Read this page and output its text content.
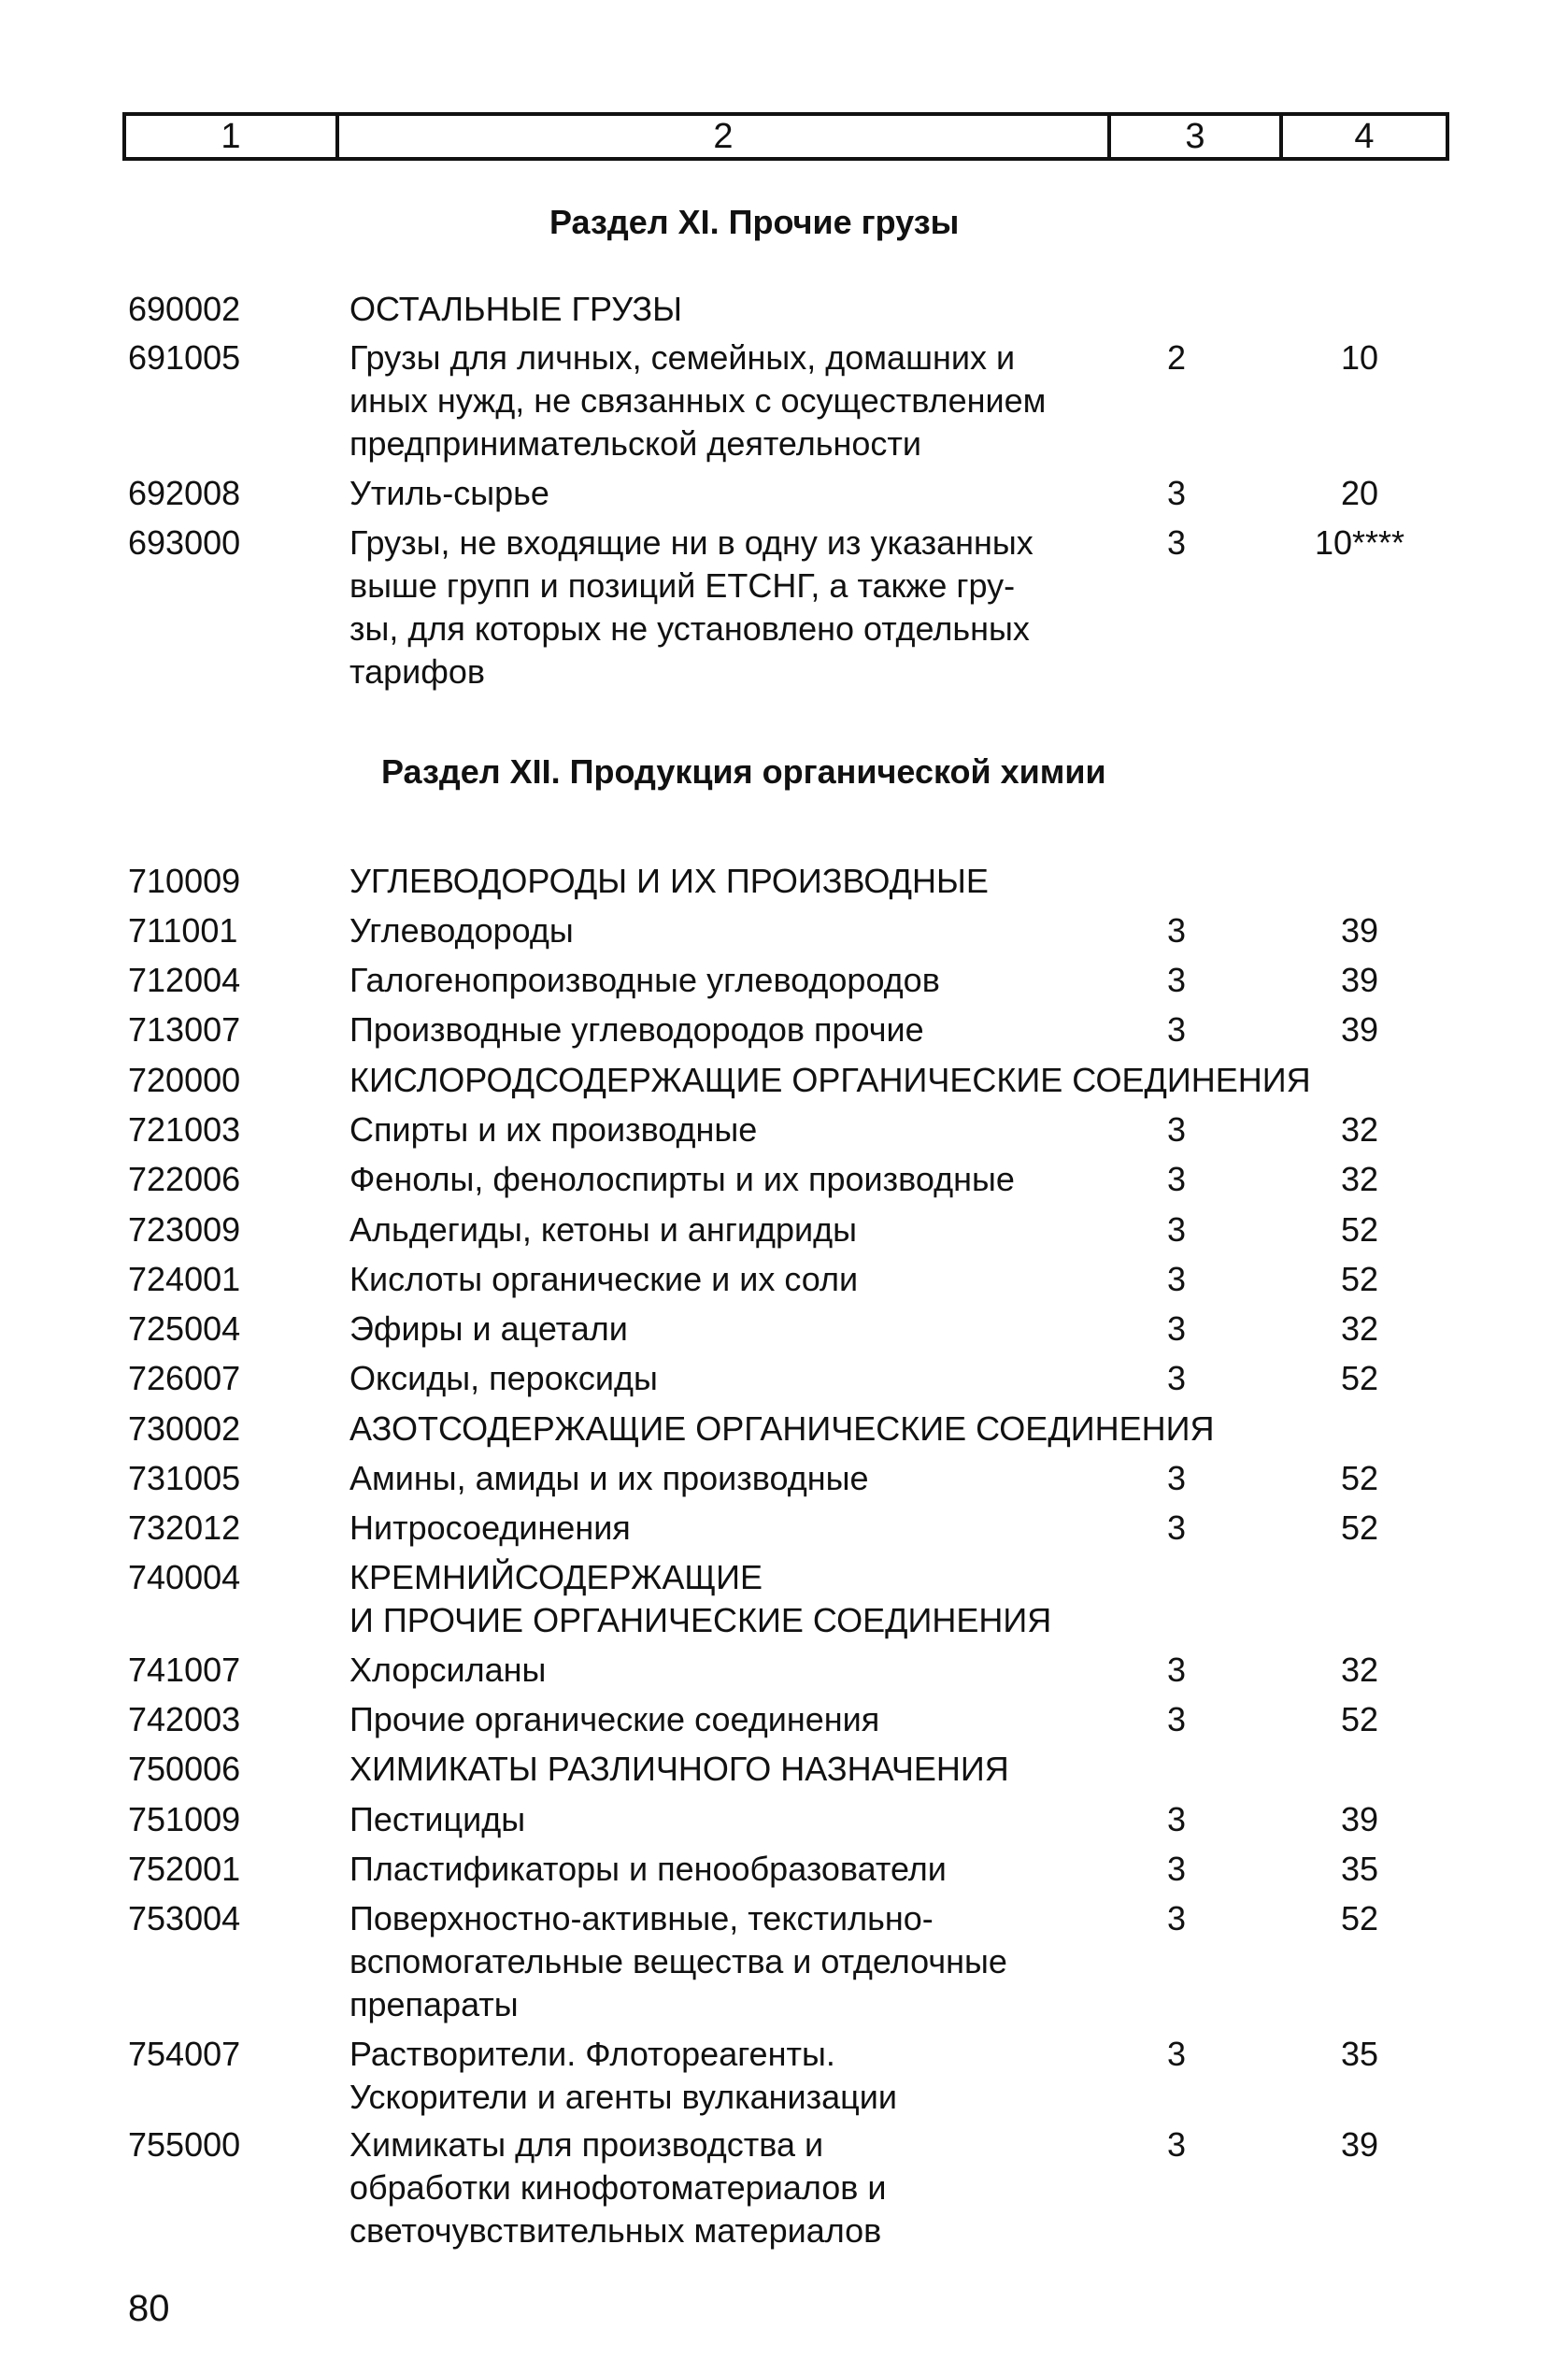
1	2	3	4
Раздел XI. Прочие грузы
690002	ОСТАЛЬНЫЕ ГРУЗЫ
691005	Грузы для личных, семейных, домашних и
иных нужд, не связанных с осуществлением
предпринимательской деятельности
2	10
692008	Утиль-сырье	3	20
693000	Грузы, не входящие ни в одну из указанных
выше групп и позиций ЕТСНГ, а также гру-
зы, для которых не установлено отдельных
тарифов
3	10****
Раздел XII. Продукция органической химии
710009	УГЛЕВОДОРОДЫ И ИХ ПРОИЗВОДНЫЕ
711001	Углеводороды	3	39
712004	Галогенопроизводные углеводородов	3	39
713007	Производные углеводородов прочие	3	39
720000	КИСЛОРОДСОДЕРЖАЩИЕ ОРГАНИЧЕСКИЕ СОЕДИНЕНИЯ
721003	Спирты и их производные	3	32
722006	Фенолы, фенолоспирты и их производные	3	32
723009	Альдегиды, кетоны и ангидриды	3	52
724001	Кислоты органические и их соли	3	52
725004	Эфиры и ацетали	3	32
726007	Оксиды, пероксиды	3	52
730002	АЗОТСОДЕРЖАЩИЕ ОРГАНИЧЕСКИЕ СОЕДИНЕНИЯ
731005	Амины, амиды и их производные	3	52
732012	Нитросоединения	3	52
740004	КРЕМНИЙСОДЕРЖАЩИЕ
И ПРОЧИЕ ОРГАНИЧЕСКИЕ СОЕДИНЕНИЯ
741007	Хлорсиланы	3	32
742003	Прочие органические соединения	3	52
750006	ХИМИКАТЫ РАЗЛИЧНОГО НАЗНАЧЕНИЯ
751009	Пестициды	3	39
752001	Пластификаторы и пенообразователи	3	35
753004	Поверхностно-активные, текстильно-
вспомогательные вещества и отделочные
препараты
3	52
754007	Растворители. Флотореагенты.
Ускорители и агенты вулканизации
3	35
755000	Химикаты для производства и
обработки кинофотоматериалов и
светочувствительных материалов
3	39
80
